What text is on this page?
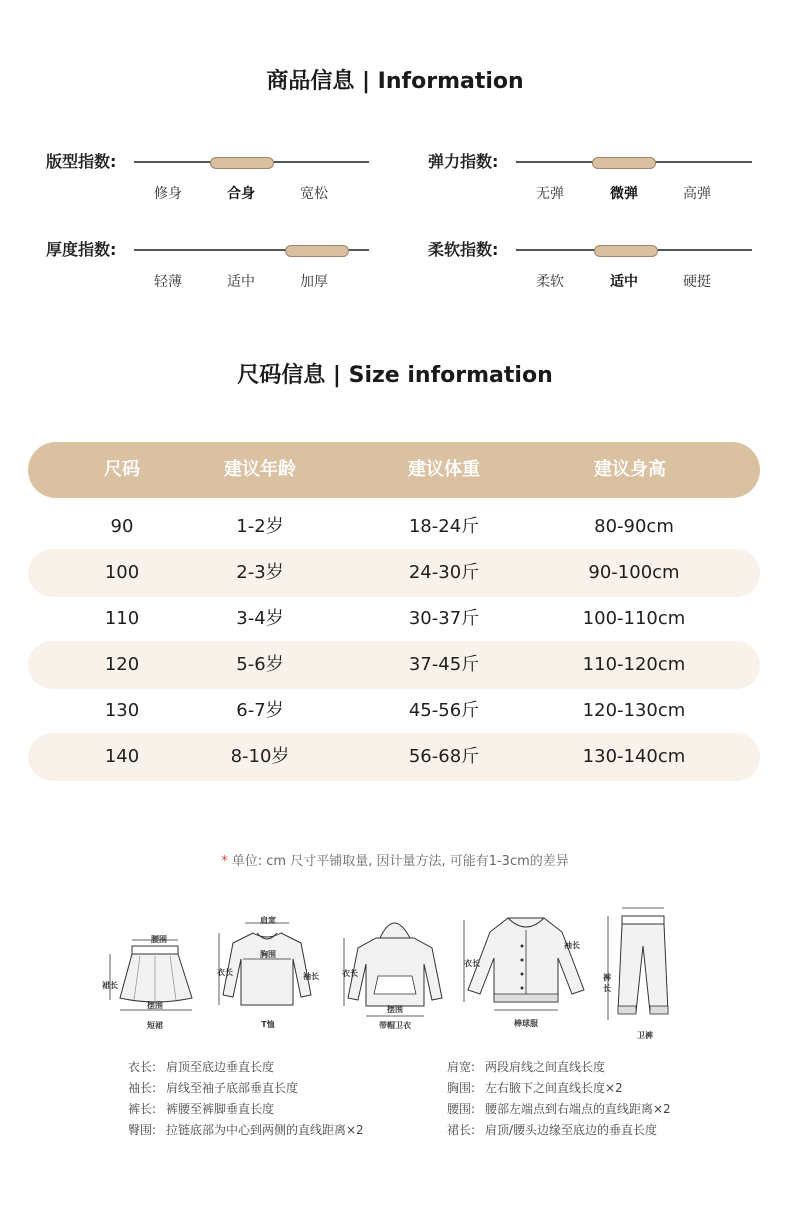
商品信息 | Information
版型指数:
修身	合身	宽松
弹力指数:
无弹	微弹	高弹
厚度指数:
轻薄	适中	加厚
柔软指数:
柔软	适中	硬挺
尺码信息 | Size information
尺码	建议年龄	建议体重	建议身高
90	1-2岁	18-24斤	80-90cm
100	2-3岁	24-30斤	90-100cm
110	3-4岁	30-37斤	100-110cm
120	5-6岁	37-45斤	110-120cm
130	6-7岁	45-56斤	120-130cm
140	8-10岁	56-68斤	130-140cm
* 单位: cm 尺寸平铺取量, 因计量方法, 可能有1-3cm的差异
腰围
摆围
裙长
短裙
肩宽
胸围
袖长
衣长
T恤
衣长
摆围
带帽卫衣
衣长
袖长
棒球服
裤长
卫裤
衣长: 肩顶至底边垂直长度
袖长: 肩线至袖子底部垂直长度
裤长: 裤腰至裤脚垂直长度
臀围: 拉链底部为中心到两侧的直线距离×2
肩宽: 两段肩线之间直线长度
胸围: 左右腋下之间直线长度×2
腰围: 腰部左端点到右端点的直线距离×2
裙长: 肩顶/腰头边缘至底边的垂直长度
